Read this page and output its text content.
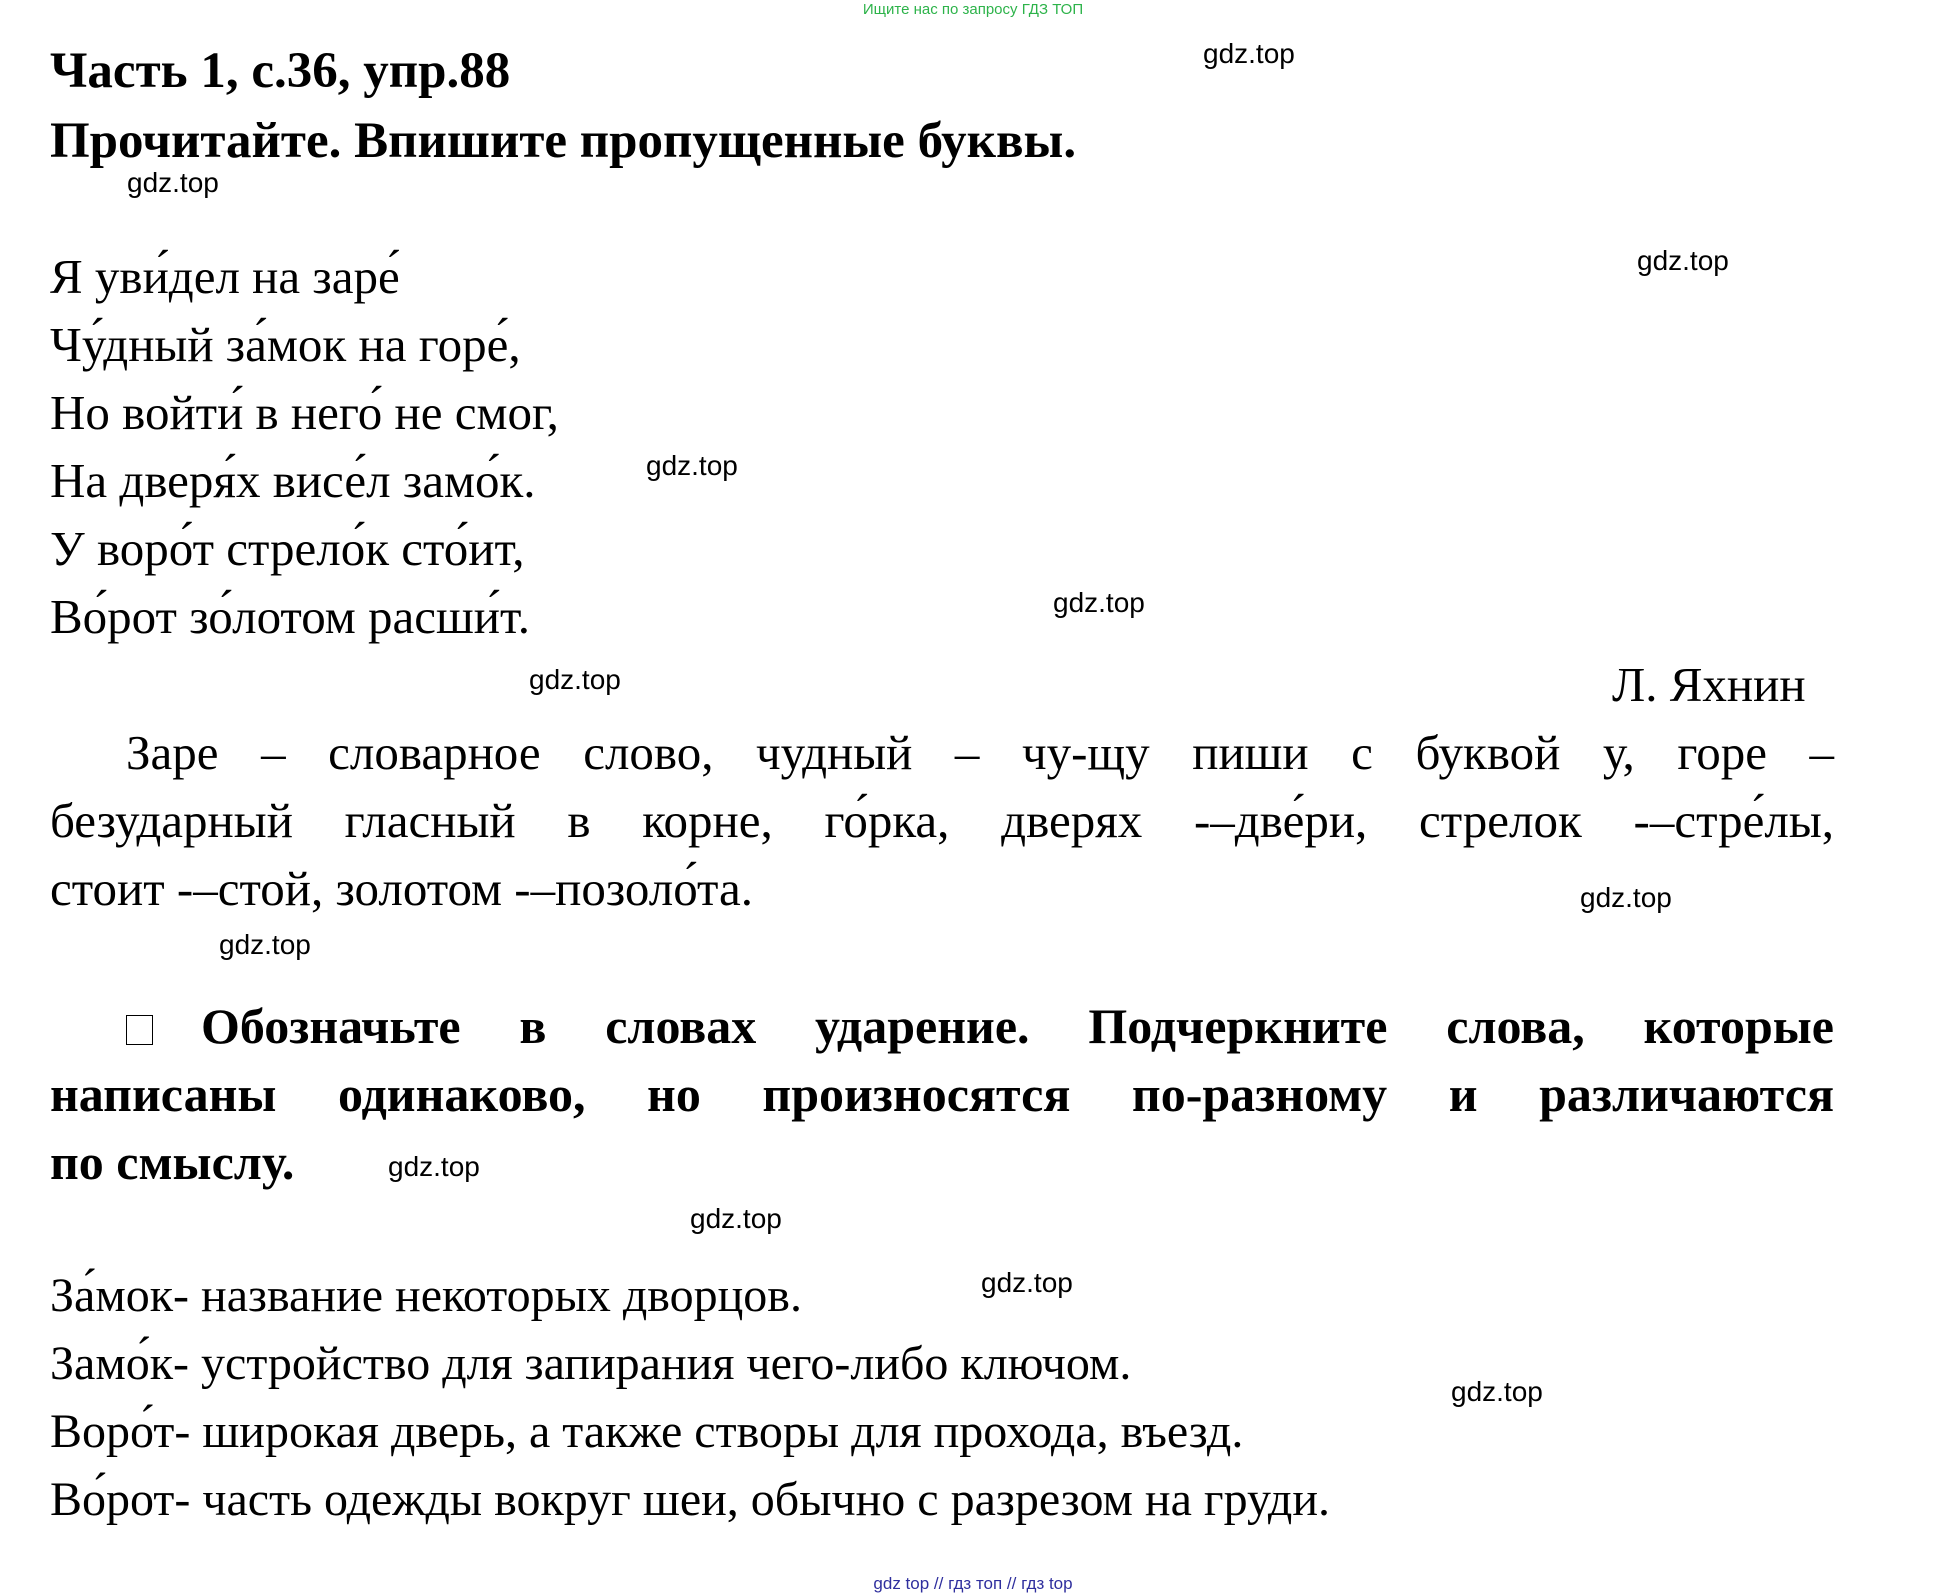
Ищите нас по запросу ГДЗ ТОП
Часть 1, с.36, упр.88
Прочитайте. Впишите пропущенные буквы.
Я уви́дел на заре́
Чу́дный за́мок на горе́,
Но войти́ в него́ не смог,
На дверя́х висе́л замо́к.
У воро́т стрело́к сто́ит,
Во́рот зо́лотом расши́т.
Л. Яхнин
Заре – словарное слово, чудный – чу-щу пиши с буквой у, горе –
безударный гласный в корне, го́рка, дверях -–две́ри, стрелок -–стре́лы,
стоит -–стой, золотом -–позоло́та.
Обозначьте в словах ударение. Подчеркните слова, которые
написаны одинаково, но произносятся по-разному и различаются
по смыслу.
За́мок- название некоторых дворцов.
Замо́к- устройство для запирания чего-либо ключом.
Воро́т- широкая дверь, а также створы для прохода, въезд.
Во́рот- часть одежды вокруг шеи, обычно с разрезом на груди.
gdz.top
gdz.top
gdz.top
gdz.top
gdz.top
gdz.top
gdz.top
gdz.top
gdz.top
gdz.top
gdz.top
gdz.top
gdz top // гдз топ // гдз top
